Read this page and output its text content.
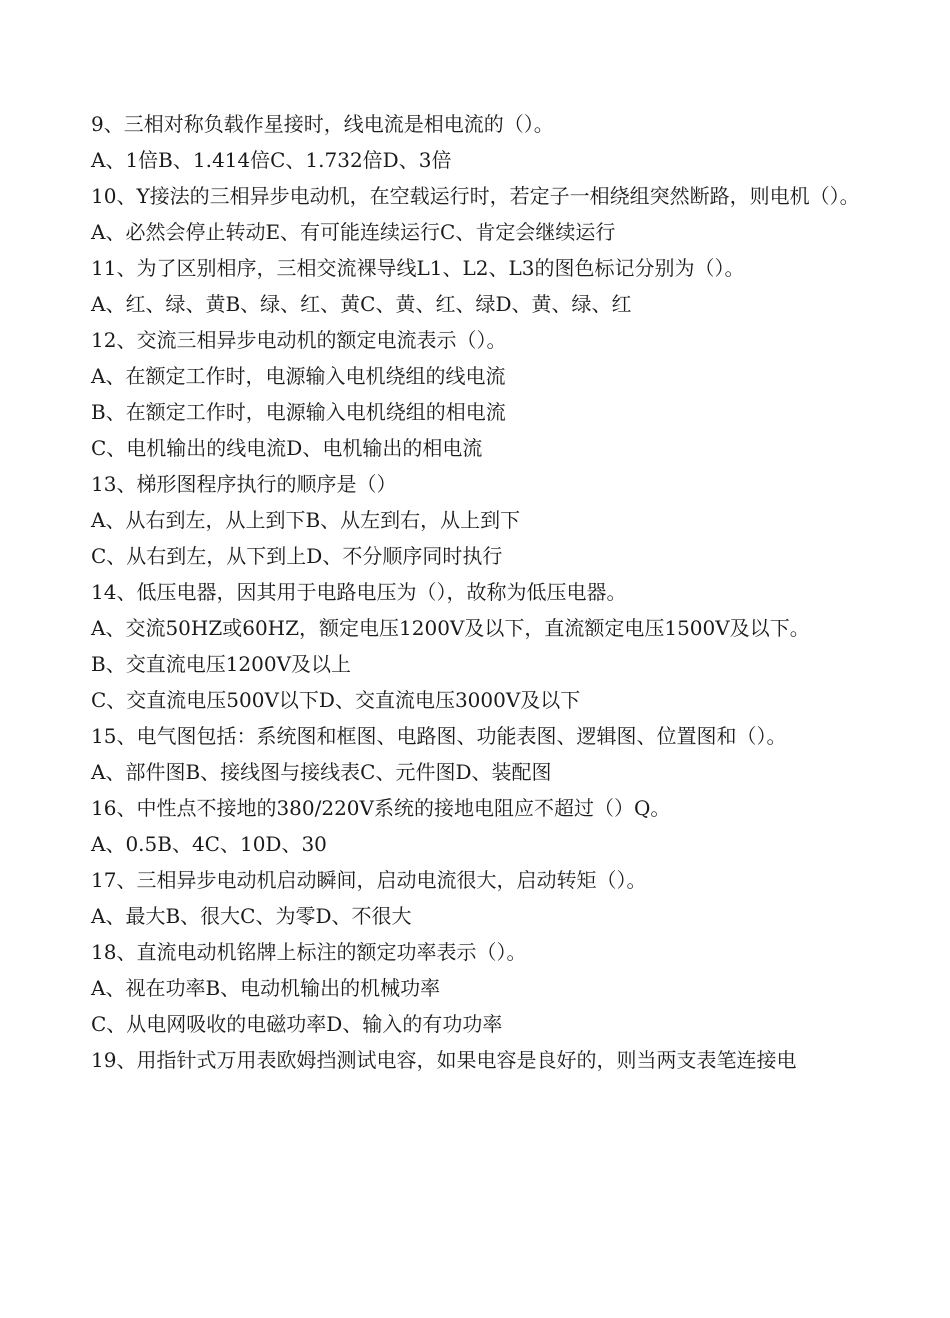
9、三相对称负载作星接时，线电流是相电流的（）。
A、1倍B、1.414倍C、1.732倍D、3倍
10、Y接法的三相异步电动机，在空载运行时，若定子一相绕组突然断路，则电机（）。
A、必然会停止转动E、有可能连续运行C、肯定会继续运行
11、为了区别相序，三相交流裸导线L1、L2、L3的图色标记分别为（）。
A、红、绿、黄B、绿、红、黄C、黄、红、绿D、黄、绿、红
12、交流三相异步电动机的额定电流表示（）。
A、在额定工作时，电源输入电机绕组的线电流
B、在额定工作时，电源输入电机绕组的相电流
C、电机输出的线电流D、电机输出的相电流
13、梯形图程序执行的顺序是（）
A、从右到左，从上到下B、从左到右，从上到下
C、从右到左，从下到上D、不分顺序同时执行
14、低压电器，因其用于电路电压为（），故称为低压电器。
A、交流50HZ或60HZ，额定电压1200V及以下，直流额定电压1500V及以下。
B、交直流电压1200V及以上
C、交直流电压500V以下D、交直流电压3000V及以下
15、电气图包括：系统图和框图、电路图、功能表图、逻辑图、位置图和（）。
A、部件图B、接线图与接线表C、元件图D、装配图
16、中性点不接地的380/220V系统的接地电阻应不超过（）Q。
A、0.5B、4C、10D、30
17、三相异步电动机启动瞬间，启动电流很大，启动转矩（）。
A、最大B、很大C、为零D、不很大
18、直流电动机铭牌上标注的额定功率表示（）。
A、视在功率B、电动机输出的机械功率
C、从电网吸收的电磁功率D、输入的有功功率
19、用指针式万用表欧姆挡测试电容，如果电容是良好的，则当两支表笔连接电
